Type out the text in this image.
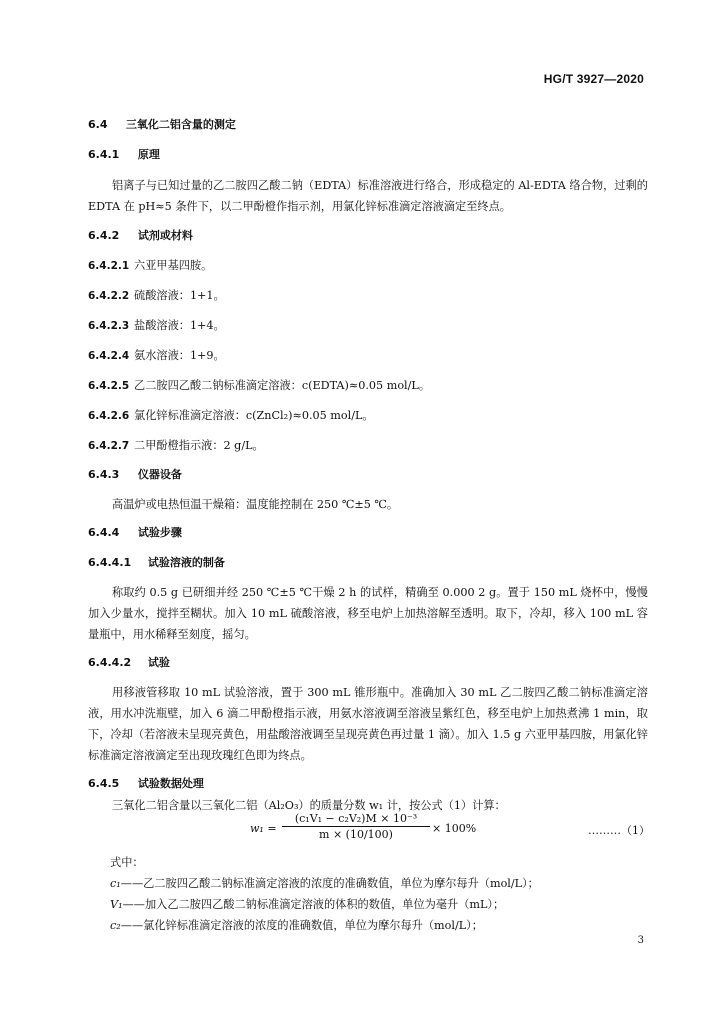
HG/T 3927—2020
6.4 三氧化二铝含量的测定
6.4.1 原理
铝离子与已知过量的乙二胺四乙酸二钠（EDTA）标准溶液进行络合，形成稳定的 Al-EDTA 络合物，过剩的 EDTA 在 pH≈5 条件下，以二甲酚橙作指示剂，用氯化锌标准滴定溶液滴定至终点。
6.4.2 试剂或材料
6.4.2.1 六亚甲基四胺。
6.4.2.2 硫酸溶液：1+1。
6.4.2.3 盐酸溶液：1+4。
6.4.2.4 氨水溶液：1+9。
6.4.2.5 乙二胺四乙酸二钠标准滴定溶液：c(EDTA)≈0.05 mol/L。
6.4.2.6 氯化锌标准滴定溶液：c(ZnCl₂)≈0.05 mol/L。
6.4.2.7 二甲酚橙指示液：2 g/L。
6.4.3 仪器设备
高温炉或电热恒温干燥箱：温度能控制在 250 ℃±5 ℃。
6.4.4 试验步骤
6.4.4.1 试验溶液的制备
称取约 0.5 g 已研细并经 250 ℃±5 ℃干燥 2 h 的试样，精确至 0.000 2 g。置于 150 mL 烧杯中，慢慢加入少量水，搅拌至糊状。加入 10 mL 硫酸溶液，移至电炉上加热溶解至透明。取下，冷却，移入 100 mL 容量瓶中，用水稀释至刻度，摇匀。
6.4.4.2 试验
用移液管移取 10 mL 试验溶液，置于 300 mL 锥形瓶中。准确加入 30 mL 乙二胺四乙酸二钠标准滴定溶液，用水冲洗瓶壁，加入 6 滴二甲酚橙指示液，用氨水溶液调至溶液呈紫红色，移至电炉上加热煮沸 1 min，取下，冷却（若溶液未呈现亮黄色，用盐酸溶液调至呈现亮黄色再过量 1 滴）。加入 1.5 g 六亚甲基四胺，用氯化锌标准滴定溶液滴定至出现玫瑰红色即为终点。
6.4.5 试验数据处理
三氧化二铝含量以三氧化二铝（Al₂O₃）的质量分数 w₁ 计，按公式（1）计算：
$w_1 = \frac{\text{(c₁V₁ − c₂V₂)M × 10⁻³}}{m \times (10/100)} \times 100\%$	………（1）
式中：
c₁——乙二胺四乙酸二钠标准滴定溶液的浓度的准确数值，单位为摩尔每升（mol/L）；
V₁——加入乙二胺四乙酸二钠标准滴定溶液的体积的数值，单位为毫升（mL）；
c₂——氯化锌标准滴定溶液的浓度的准确数值，单位为摩尔每升（mol/L）；
3
